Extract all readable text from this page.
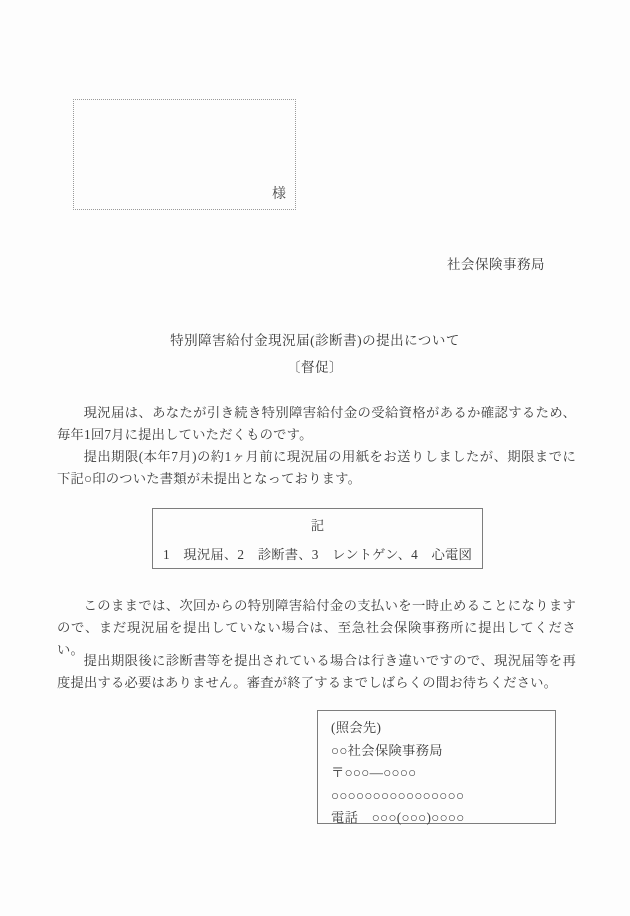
様
社会保険事務局
特別障害給付金現況届(診断書)の提出について
〔督促〕

現況届は、あなたが引き続き特別障害給付金の受給資格があるか確認するため、毎年1回7月に提出していただくものです。

提出期限(本年7月)の約1ヶ月前に現況届の用紙をお送りしましたが、期限までに下記○印のついた書類が未提出となっております。

記
1　現況届、2　診断書、3　レントゲン、4　心電図

このままでは、次回からの特別障害給付金の支払いを一時止めることになりますので、まだ現況届を提出していない場合は、至急社会保険事務所に提出してください。

提出期限後に診断書等を提出されている場合は行き違いですので、現況届等を再度提出する必要はありません。審査が終了するまでしばらくの間お待ちください。

(照会先)
○○社会保険事務局
〒○○○―○○○○
○○○○○○○○○○○○○○○○
電話　○○○(○○○)○○○○
